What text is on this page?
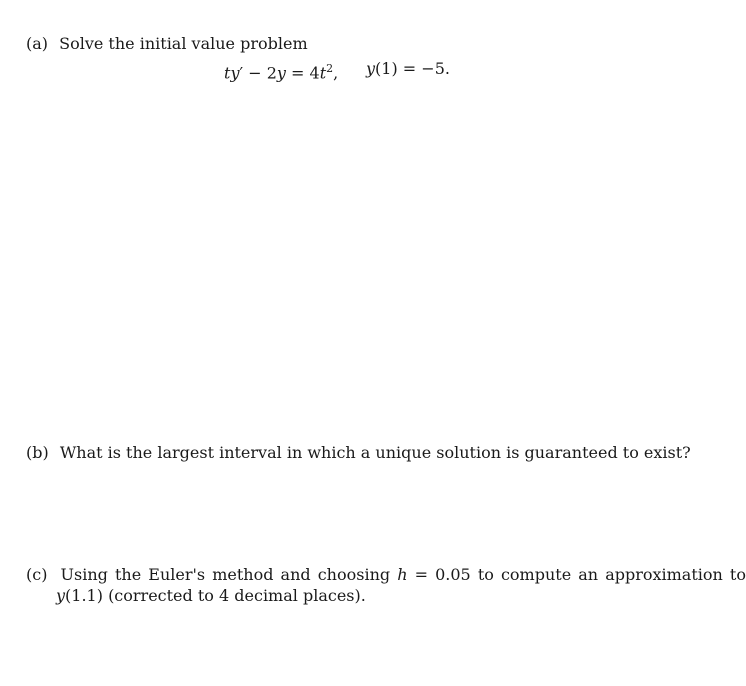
(a) Solve the initial value problem
$ty' - 2y = 4t^2$, y(1) = −5.
(b) What is the largest interval in which a unique solution is guaranteed to exist?
(c) Using the Euler's method and choosing h = 0.05 to compute an approximation to
y(1.1) (corrected to 4 decimal places).
